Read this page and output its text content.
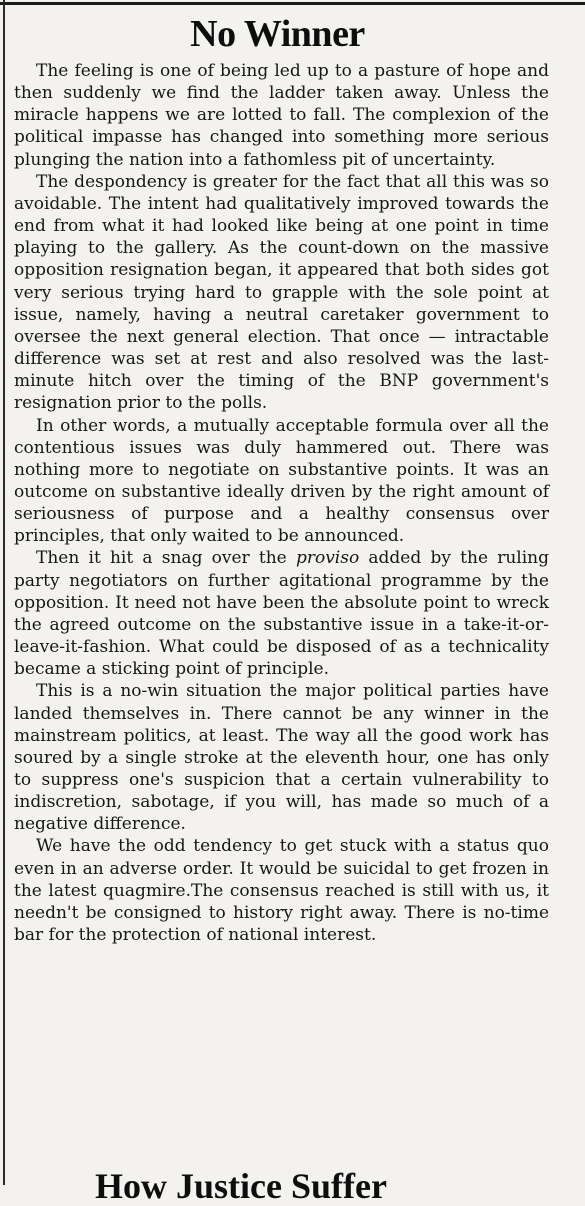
No Winner

The feeling is one of being led up to a pasture of hope and then suddenly we find the ladder taken away. Unless the miracle happens we are lotted to fall. The complexion of the political impasse has changed into something more serious plunging the nation into a fathomless pit of uncertainty.

The despondency is greater for the fact that all this was so avoidable. The intent had qualitatively improved towards the end from what it had looked like being at one point in time playing to the gallery. As the count-down on the massive opposition resignation began, it appeared that both sides got very serious trying hard to grapple with the sole point at issue, namely, having a neutral caretaker government to oversee the next general election. That once — intractable difference was set at rest and also resolved was the last-minute hitch over the timing of the BNP government's resignation prior to the polls.

In other words, a mutually acceptable formula over all the contentious issues was duly hammered out. There was nothing more to negotiate on substantive points. It was an outcome on substantive ideally driven by the right amount of seriousness of purpose and a healthy consensus over principles, that only waited to be announced.

Then it hit a snag over the proviso added by the ruling party negotiators on further agitational programme by the opposition. It need not have been the absolute point to wreck the agreed outcome on the substantive issue in a take-it-or-leave-it-fashion. What could be disposed of as a technicality became a sticking point of principle.

This is a no-win situation the major political parties have landed themselves in. There cannot be any winner in the mainstream politics, at least. The way all the good work has soured by a single stroke at the eleventh hour, one has only to suppress one's suspicion that a certain vulnerability to indiscretion, sabotage, if you will, has made so much of a negative difference.

We have the odd tendency to get stuck with a status quo even in an adverse order. It would be suicidal to get frozen in the latest quagmire.The consensus reached is still with us, it needn't be consigned to history right away. There is no-time bar for the protection of national interest.

How Justice Suffer
